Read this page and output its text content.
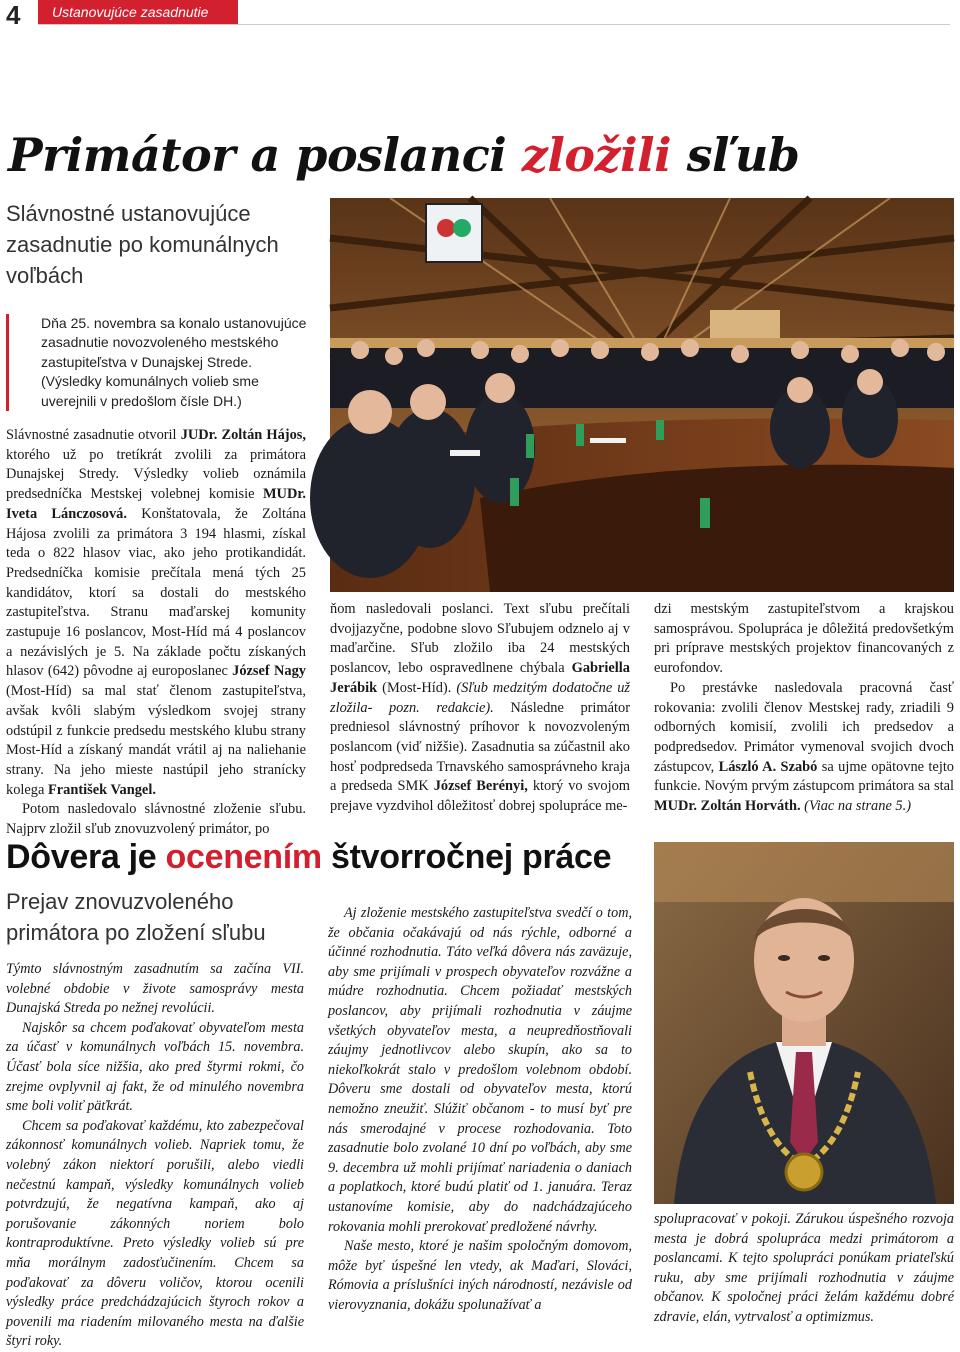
4	Ustanovujúce zasadnutie
Primátor a poslanci zložili sľub
Slávnostné ustanovujúce zasadnutie po komunálnych voľbách
Dňa 25. novembra sa konalo ustanovujúce zasadnutie novozvoleného mestského zastupiteľstva v Dunajskej Strede. (Výsledky komunálnych volieb sme uverejnili v predošlom čísle DH.)

Slávnostné zasadnutie otvoril JUDr. Zoltán Hájos, ktorého už po tretíkrát zvolili za primátora Dunajskej Stredy. Výsledky volieb oznámila predsedníčka Mestskej volebnej komisie MUDr. Iveta Lánczosová. Konštatovala, že Zoltána Hájosa zvolili za primátora 3 194 hlasmi, získal teda o 822 hlasov viac, ako jeho protikandidát. Predsedníčka komisie prečítala mená tých 25 kandidátov, ktorí sa dostali do mestského zastupiteľstva. Stranu maďarskej komunity zastupuje 16 poslancov, Most-Híd má 4 poslancov a nezávislých je 5. Na základe počtu získaných hlasov (642) pôvodne aj europoslanec József Nagy (Most-Híd) sa mal stať členom zastupiteľstva, avšak kvôli slabým výsledkom svojej strany odstúpil z funkcie predsedu mestského klubu strany Most-Híd a získaný mandát vrátil aj na naliehanie strany. Na jeho mieste nastúpil jeho stranícky kolega František Vangel.

Potom nasledovalo slávnostné zloženie sľubu. Najprv zložil sľub znovuzvolený primátor, po

ňom nasledovali poslanci. Text sľubu prečítali dvojjazyčne, podobne slovo Sľubujem odznelo aj v maďarčine. Sľub zložilo iba 24 mestských poslancov, lebo ospravedlnene chýbala Gabriella Jerábik (Most-Híd). (Sľub medzitým dodatočne už zložila- pozn. redakcie). Následne primátor predniesol slávnostný príhovor k novozvoleným poslancom (viď nižšie). Zasadnutia sa zúčastnil ako hosť podpredseda Trnavského samosprávneho kraja a predseda SMK József Berényi, ktorý vo svojom prejave vyzdvihol dôležitosť dobrej spolupráce me-

dzi mestským zastupiteľstvom a krajskou samosprávou. Spolupráca je dôležitá predovšetkým pri príprave mestských projektov financovaných z eurofondov.

Po prestávke nasledovala pracovná časť rokovania: zvolili členov Mestskej rady, zriadili 9 odborných komisií, zvolili ich predsedov a podpredsedov. Primátor vymenoval svojich dvoch zástupcov, László A. Szabó sa ujme opätovne tejto funkcie. Novým prvým zástupcom primátora sa stal MUDr. Zoltán Horváth. (Viac na strane 5.)

Dôvera je ocenením štvorročnej práce
Prejav znovuzvoleného primátora po zložení sľubu

Týmto slávnostným zasadnutím sa začína VII. volebné obdobie v živote samosprávy mesta Dunajská Streda po nežnej revolúcii.

Najskôr sa chcem poďakovať obyvateľom mesta za účasť v komunálnych voľbách 15. novembra. Účasť bola síce nižšia, ako pred štyrmi rokmi, čo zrejme ovplyvnil aj fakt, že od minulého novembra sme boli voliť päťkrát.

Chcem sa poďakovať každému, kto zabezpečoval zákonnosť komunálnych volieb. Napriek tomu, že volebný zákon niektorí porušili, alebo viedli nečestnú kampaň, výsledky komunálnych volieb potvrdzujú, že negatívna kampaň, ako aj porušovanie zákonných noriem bolo kontraproduktívne. Preto výsledky volieb sú pre mňa morálnym zadosťučinením. Chcem sa poďakovať za dôveru voličov, ktorou ocenili výsledky práce predchádzajúcich štyroch rokov a povenili ma riadením milovaného mesta na ďalšie štyri roky.

Aj zloženie mestského zastupiteľstva svedčí o tom, že občania očakávajú od nás rýchle, odborné a účinné rozhodnutia. Táto veľká dôvera nás zaväzuje, aby sme prijímali v prospech obyvateľov rozvážne a múdre rozhodnutia. Chcem požiadať mestských poslancov, aby prijímali rozhodnutia v záujme všetkých obyvateľov mesta, a neupredňostňovali záujmy jednotlivcov alebo skupín, ako sa to niekoľkokrát stalo v predošlom volebnom období. Dôveru sme dostali od obyvateľov mesta, ktorú nemožno zneužiť. Slúžiť občanom - to musí byť pre nás smerodajné v procese rozhodovania. Toto zasadnutie bolo zvolané 10 dní po voľbách, aby sme 9. decembra už mohli prijímať nariadenia o daniach a poplatkoch, ktoré budú platiť od 1. januára. Teraz ustanovíme komisie, aby do nadchádzajúceho rokovania mohli prerokovať predložené návrhy.

Naše mesto, ktoré je našim spoločným domovom, môže byť úspešné len vtedy, ak Maďari, Slováci, Rómovia a príslušníci iných národností, nezávisle od vierovyznania, dokážu spolunažívať a

spolupracovať v pokoji. Zárukou úspešného rozvoja mesta je dobrá spolupráca medzi primátorom a poslancami. K tejto spolupráci ponúkam priateľskú ruku, aby sme prijímali rozhodnutia v záujme občanov. K spoločnej práci želám každému dobré zdravie, elán, vytrvalosť a optimizmus.
